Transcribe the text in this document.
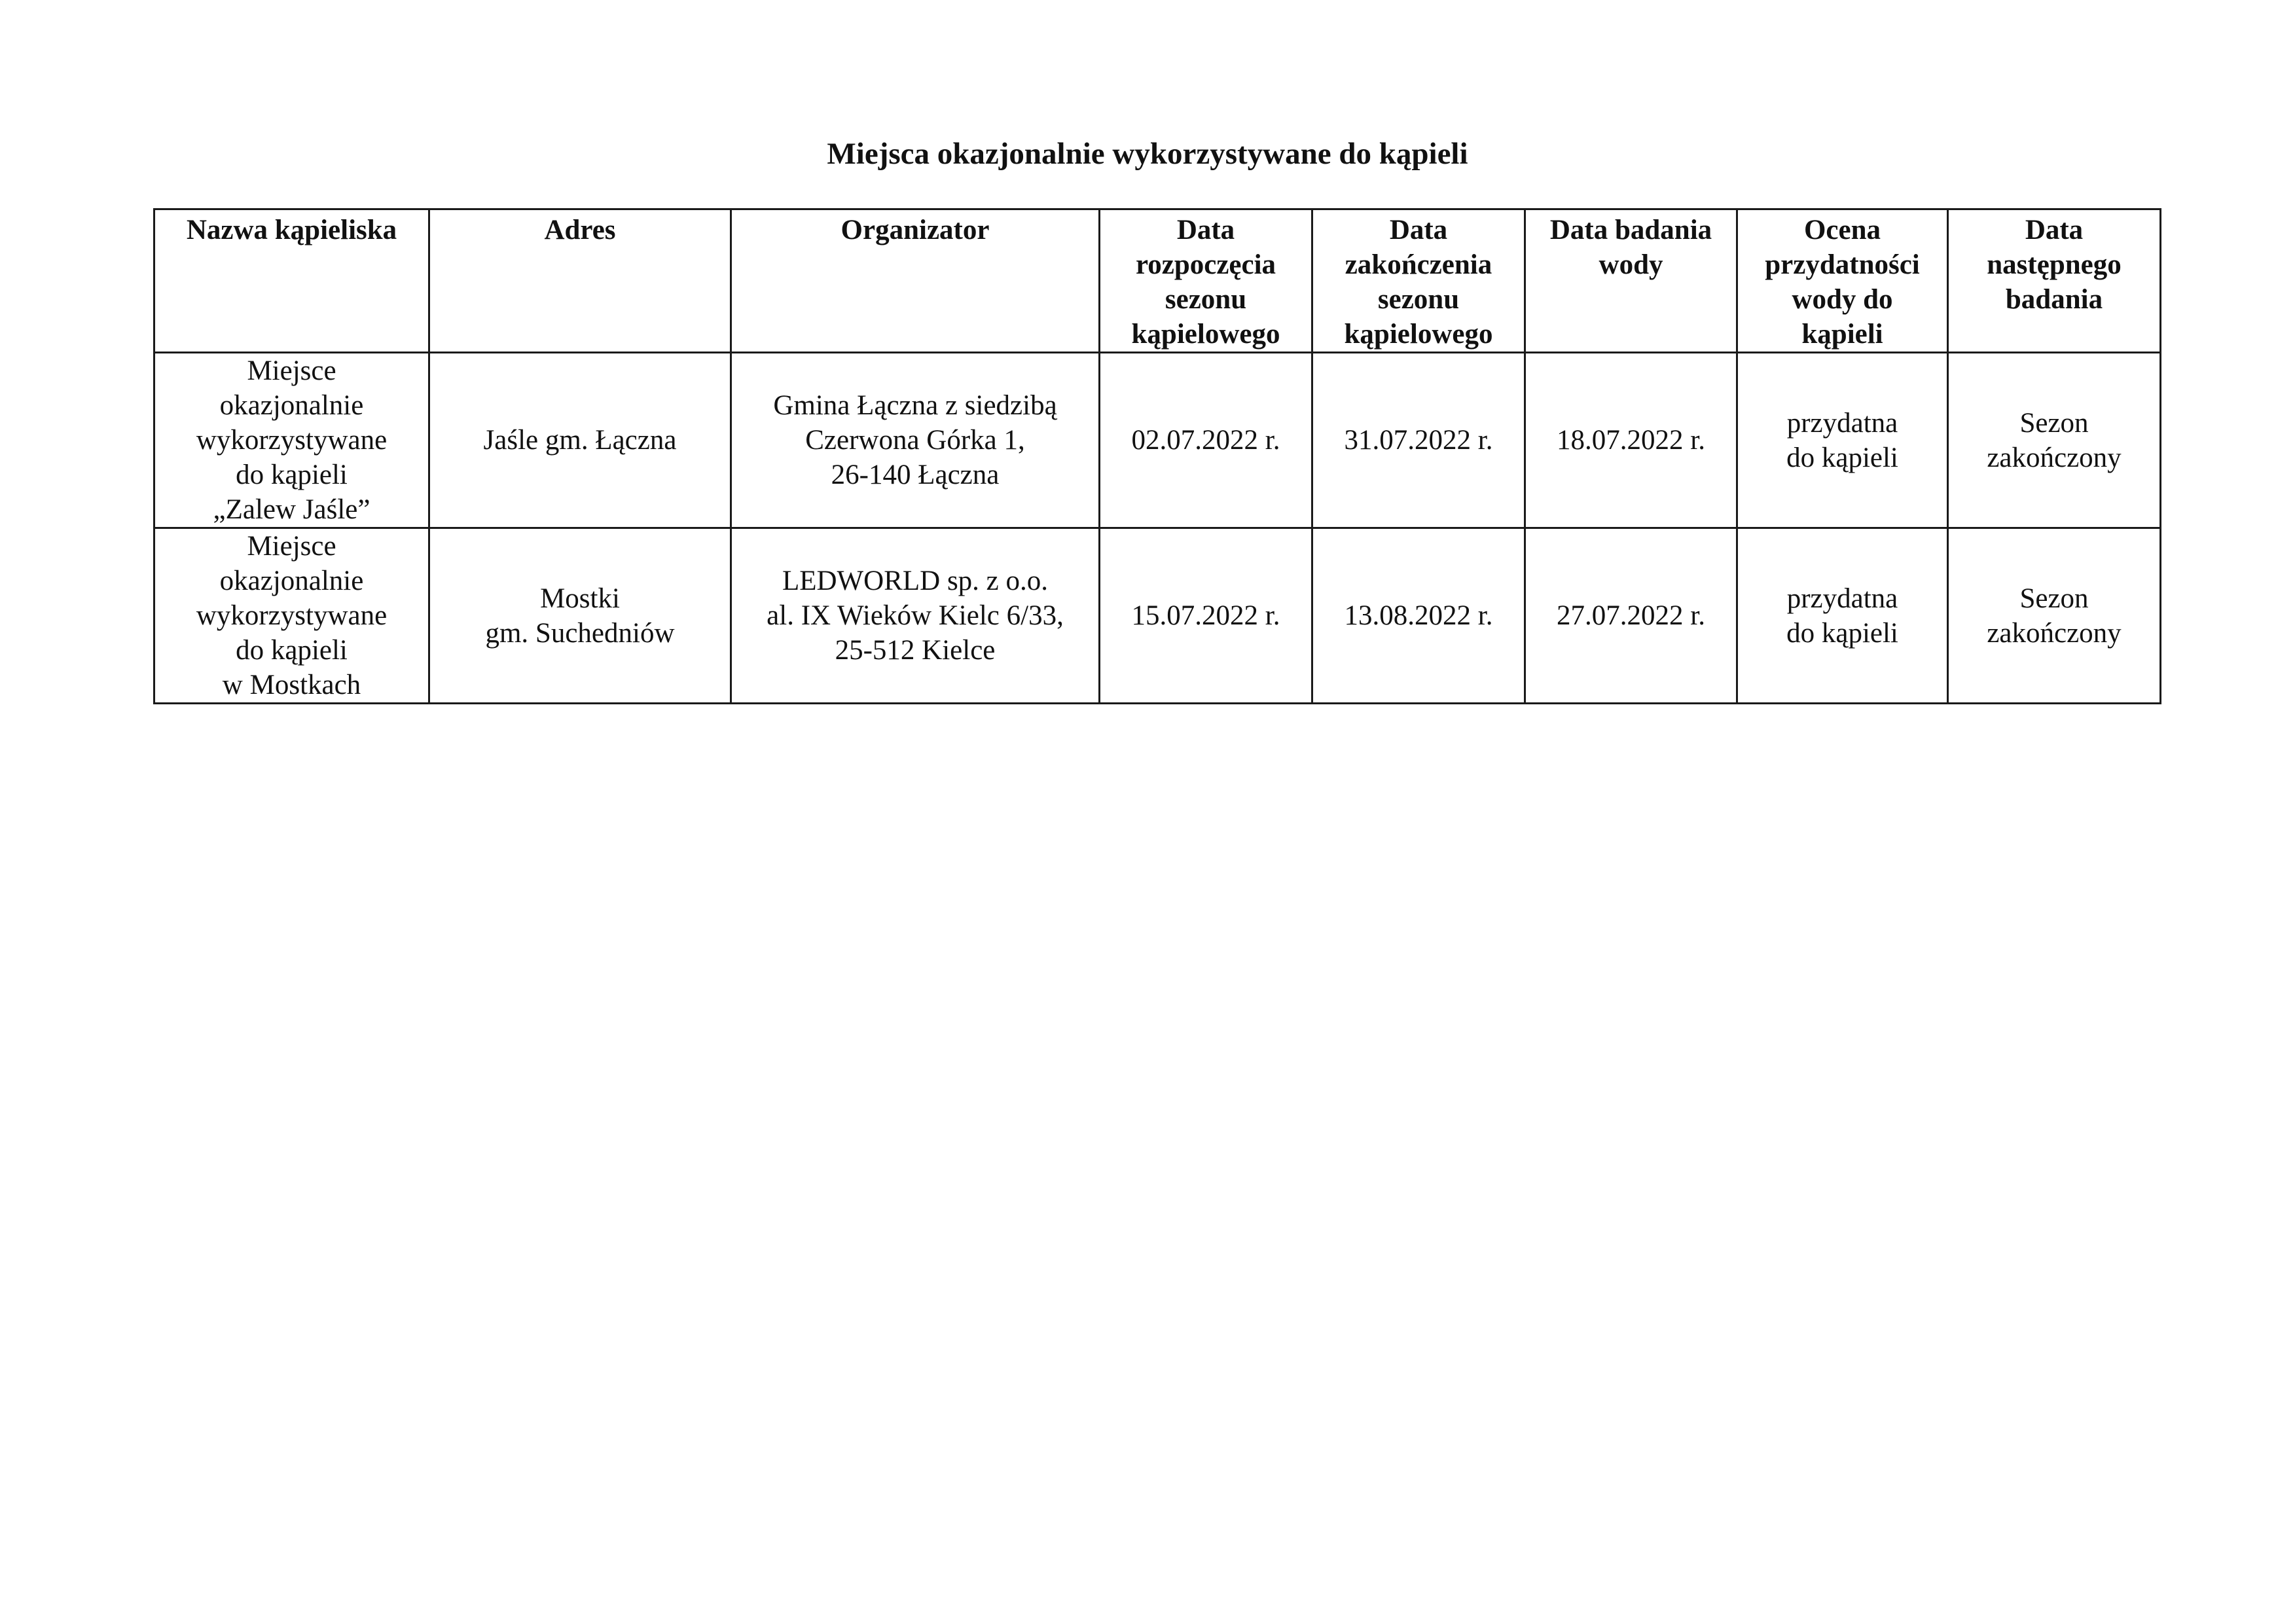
Miejsca okazjonalnie wykorzystywane do kąpieli
Nazwa kąpieliska	Adres	Organizator	Data
rozpoczęcia
sezonu
kąpielowego	Data
zakończenia
sezonu
kąpielowego	Data badania
wody	Ocena
przydatności
wody do
kąpieli	Data
następnego
badania

Miejsce
okazjonalnie
wykorzystywane
do kąpieli
„Zalew Jaśle”	Jaśle gm. Łączna	Gmina Łączna z siedzibą
Czerwona Górka 1,
26-140 Łączna	02.07.2022 r.	31.07.2022 r.	18.07.2022 r.	przydatna
do kąpieli	Sezon
zakończony

Miejsce
okazjonalnie
wykorzystywane
do kąpieli
w Mostkach	Mostki
gm. Suchedniów	LEDWORLD sp. z o.o.
al. IX Wieków Kielc 6/33,
25-512 Kielce	15.07.2022 r.	13.08.2022 r.	27.07.2022 r.	przydatna
do kąpieli	Sezon
zakończony
